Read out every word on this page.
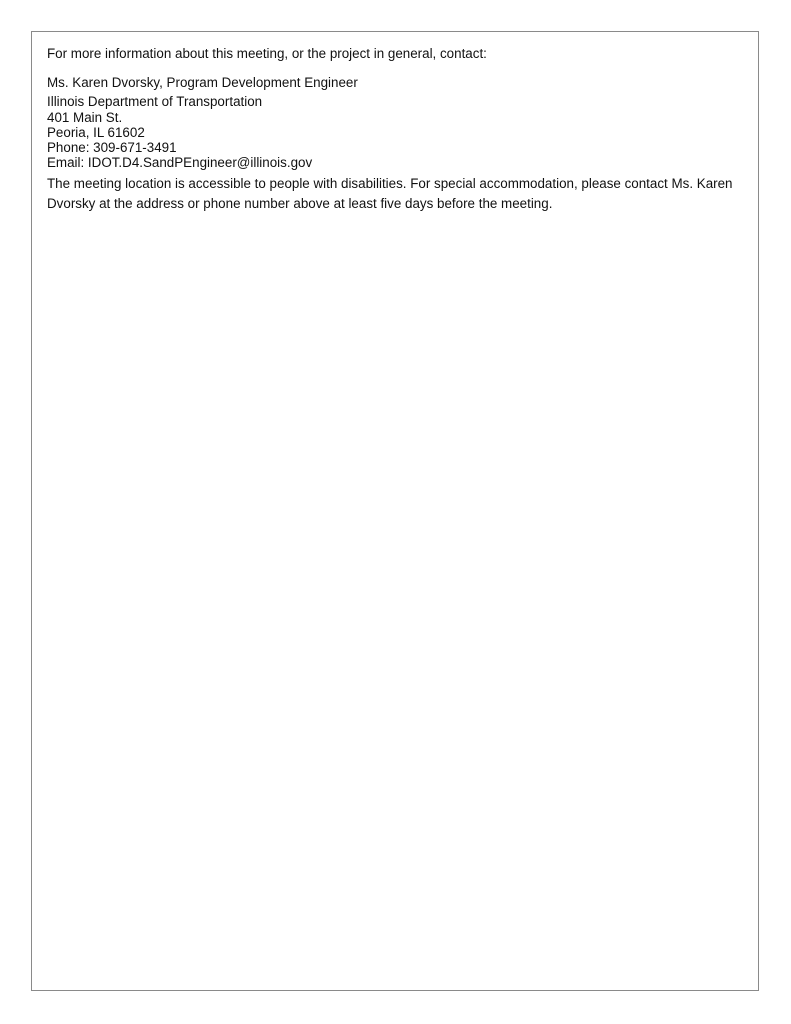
For more information about this meeting, or the project in general, contact:

Ms. Karen Dvorsky, Program Development Engineer
Illinois Department of Transportation
401 Main St.
Peoria, IL 61602
Phone: 309-671-3491
Email: IDOT.D4.SandPEngineer@illinois.gov

The meeting location is accessible to people with disabilities. For special accommodation, please contact Ms. Karen Dvorsky at the address or phone number above at least five days before the meeting.
